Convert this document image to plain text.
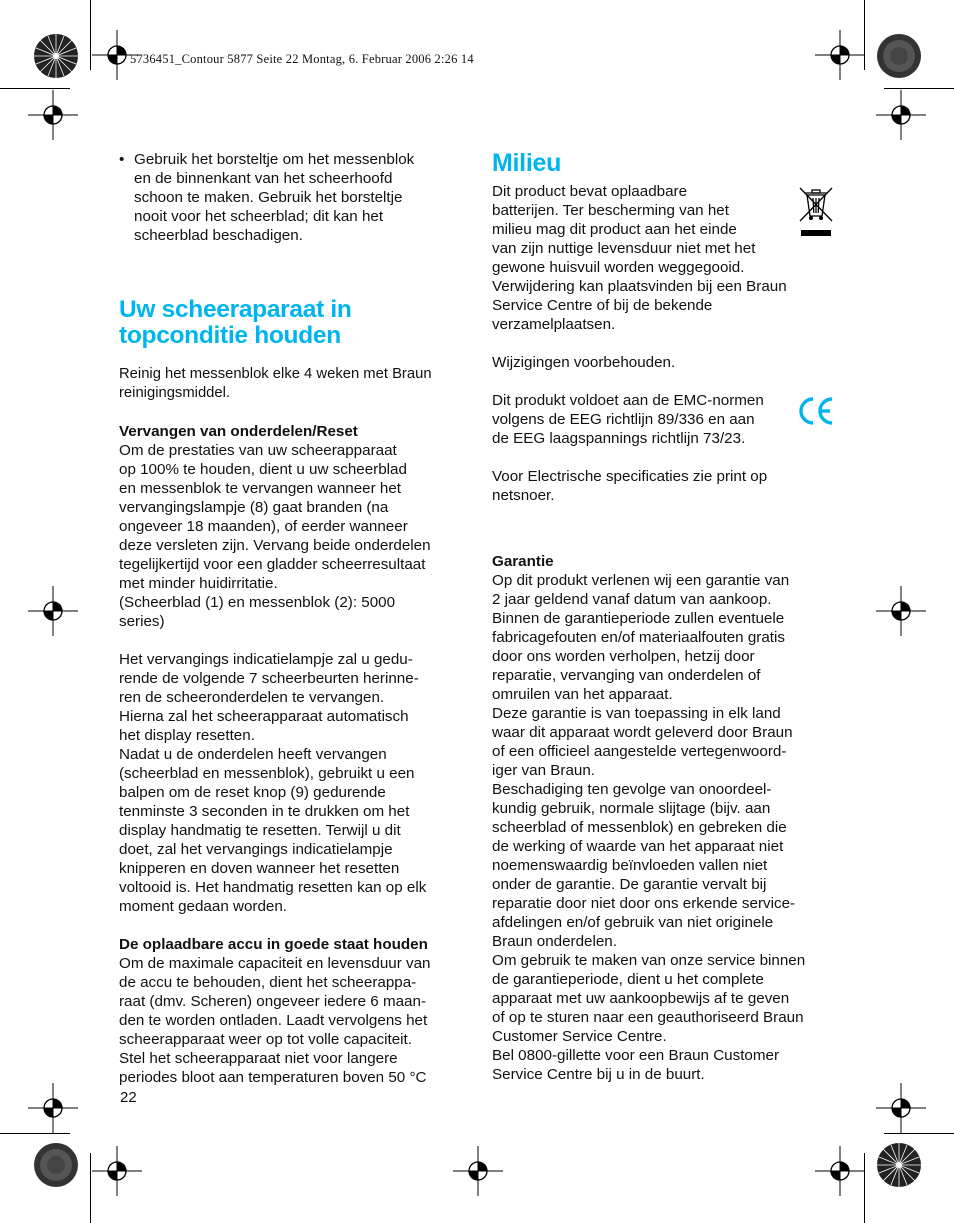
5736451_Contour 5877 Seite 22 Montag, 6. Februar 2006 2:26 14
• Gebruik het borsteltje om het messenblok

en de binnenkant van het scheerhoofd

schoon te maken. Gebruik het borsteltje

nooit voor het scheerblad; dit kan het

scheerblad beschadigen.

Uw scheeraparaat in

topconditie houden

Reinig het messenblok elke 4 weken met Braun

reinigingsmiddel.

Vervangen van onderdelen/Reset

Om de prestaties van uw scheerapparaat

op 100% te houden, dient u uw scheerblad

en messenblok te vervangen wanneer het

vervangingslampje (8) gaat branden (na

ongeveer 18 maanden), of eerder wanneer

deze versleten zijn. Vervang beide onderdelen

tegelijkertijd voor een gladder scheerresultaat

met minder huidirritatie.

(Scheerblad (1) en messenblok (2): 5000

series)

Het vervangings indicatielampje zal u gedu-

rende de volgende 7 scheerbeurten herinne-

ren de scheeronderdelen te vervangen.

Hierna zal het scheerapparaat automatisch

het display resetten.

Nadat u de onderdelen heeft vervangen

(scheerblad en messenblok), gebruikt u een

balpen om de reset knop (9) gedurende

tenminste 3 seconden in te drukken om het

display handmatig te resetten. Terwijl u dit

doet, zal het vervangings indicatielampje

knipperen en doven wanneer het resetten

voltooid is. Het handmatig resetten kan op elk

moment gedaan worden.

De oplaadbare accu in goede staat houden

Om de maximale capaciteit en levensduur van

de accu te behouden, dient het scheerappa-

raat (dmv. Scheren) ongeveer iedere 6 maan-

den te worden ontladen. Laadt vervolgens het

scheerapparaat weer op tot volle capaciteit.

Stel het scheerapparaat niet voor langere

periodes bloot aan temperaturen boven 50 °C

22

Milieu

Dit product bevat oplaadbare

batterijen. Ter bescherming van het

milieu mag dit product aan het einde

van zijn nuttige levensduur niet met het

gewone huisvuil worden weggegooid.

Verwijdering kan plaatsvinden bij een Braun

Service Centre of bij de bekende

verzamelplaatsen.

Wijzigingen voorbehouden.

Dit produkt voldoet aan de EMC-normen

volgens de EEG richtlijn 89/336 en aan

de EEG laagspannings richtlijn 73/23.

Voor Electrische specificaties zie print op

netsnoer.

Garantie

Op dit produkt verlenen wij een garantie van

2 jaar geldend vanaf datum van aankoop.

Binnen de garantieperiode zullen eventuele

fabricagefouten en/of materiaalfouten gratis

door ons worden verholpen, hetzij door

reparatie, vervanging van onderdelen of

omruilen van het apparaat.

Deze garantie is van toepassing in elk land

waar dit apparaat wordt geleverd door Braun

of een officieel aangestelde vertegenwoord-

iger van Braun.

Beschadiging ten gevolge van onoordeel-

kundig gebruik, normale slijtage (bijv. aan

scheerblad of messenblok) en gebreken die

de werking of waarde van het apparaat niet

noemenswaardig beïnvloeden vallen niet

onder de garantie. De garantie vervalt bij

reparatie door niet door ons erkende service-

afdelingen en/of gebruik van niet originele

Braun onderdelen.

Om gebruik te maken van onze service binnen

de garantieperiode, dient u het complete

apparaat met uw aankoopbewijs af te geven

of op te sturen naar een geauthoriseerd Braun

Customer Service Centre.

Bel 0800-gillette voor een Braun Customer

Service Centre bij u in de buurt.
